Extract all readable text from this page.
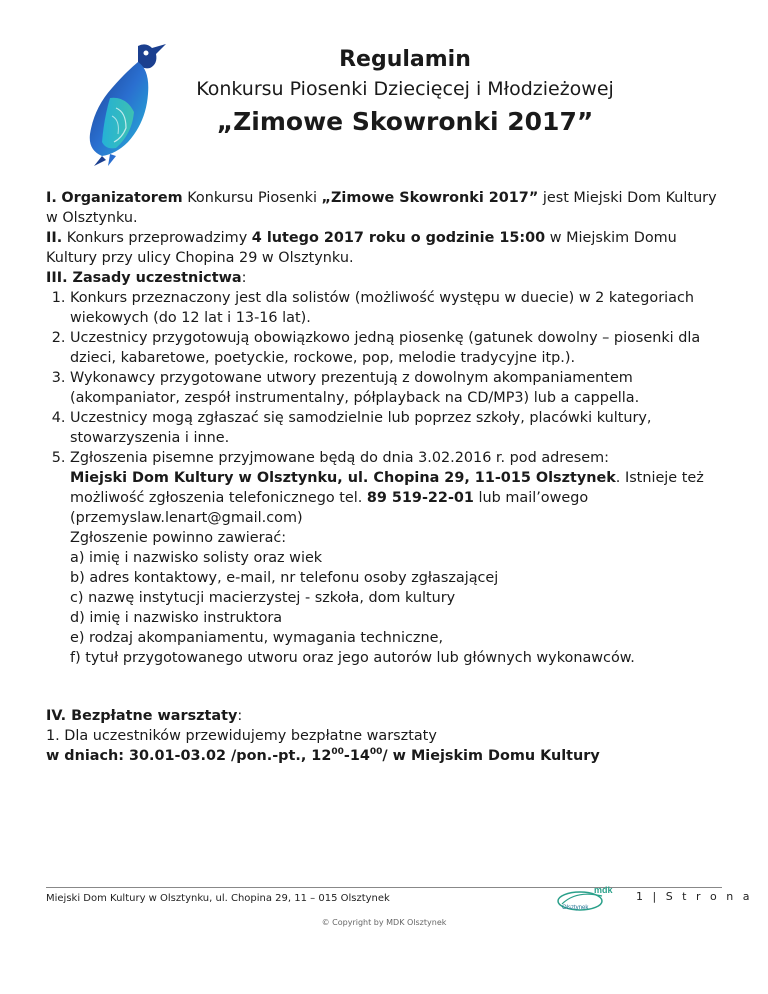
Regulamin
Konkursu Piosenki Dziecięcej i Młodzieżowej
„Zimowe Skowronki 2017”

I. Organizatorem Konkursu Piosenki „Zimowe Skowronki 2017” jest Miejski Dom Kultury w Olsztynku.

II. Konkurs przeprowadzimy 4 lutego 2017 roku o godzinie 15:00 w Miejskim Domu Kultury przy ulicy Chopina 29 w Olsztynku.

III. Zasady uczestnictwa:

1. Konkurs przeznaczony jest dla solistów (możliwość występu w duecie) w 2 kategoriach wiekowych (do 12 lat i 13-16 lat).
2. Uczestnicy przygotowują obowiązkowo jedną piosenkę (gatunek dowolny – piosenki dla dzieci, kabaretowe, poetyckie, rockowe, pop, melodie tradycyjne itp.).
3. Wykonawcy przygotowane utwory prezentują z dowolnym akompaniamentem (akompaniator, zespół instrumentalny, półplayback na CD/MP3) lub a cappella.
4. Uczestnicy mogą zgłaszać się samodzielnie lub poprzez szkoły, placówki kultury, stowarzyszenia i inne.
5. Zgłoszenia pisemne przyjmowane będą do dnia 3.02.2016 r. pod adresem:
Miejski Dom Kultury w Olsztynku, ul. Chopina 29, 11-015 Olsztynek. Istnieje też możliwość zgłoszenia telefonicznego tel. 89 519-22-01 lub mail’owego (przemyslaw.lenart@gmail.com)
Zgłoszenie powinno zawierać:
a) imię i nazwisko solisty oraz wiek
b) adres kontaktowy, e-mail, nr telefonu osoby zgłaszającej
c) nazwę instytucji macierzystej - szkoła, dom kultury
d) imię i nazwisko instruktora
e) rodzaj akompaniamentu, wymagania techniczne,
f) tytuł przygotowanego utworu oraz jego autorów lub głównych wykonawców.

IV. Bezpłatne warsztaty:

1. Dla uczestników przewidujemy bezpłatne warsztaty

w dniach: 30.01-03.02 /pon.-pt., $12^{00}-14^{00}/$ w Miejskim Domu Kultury

Miejski Dom Kultury w Olsztynku, ul. Chopina 29, 11 – 015 Olsztynek
mdk
Olsztynek
1 | S t r o n a
© Copyright by MDK Olsztynek
